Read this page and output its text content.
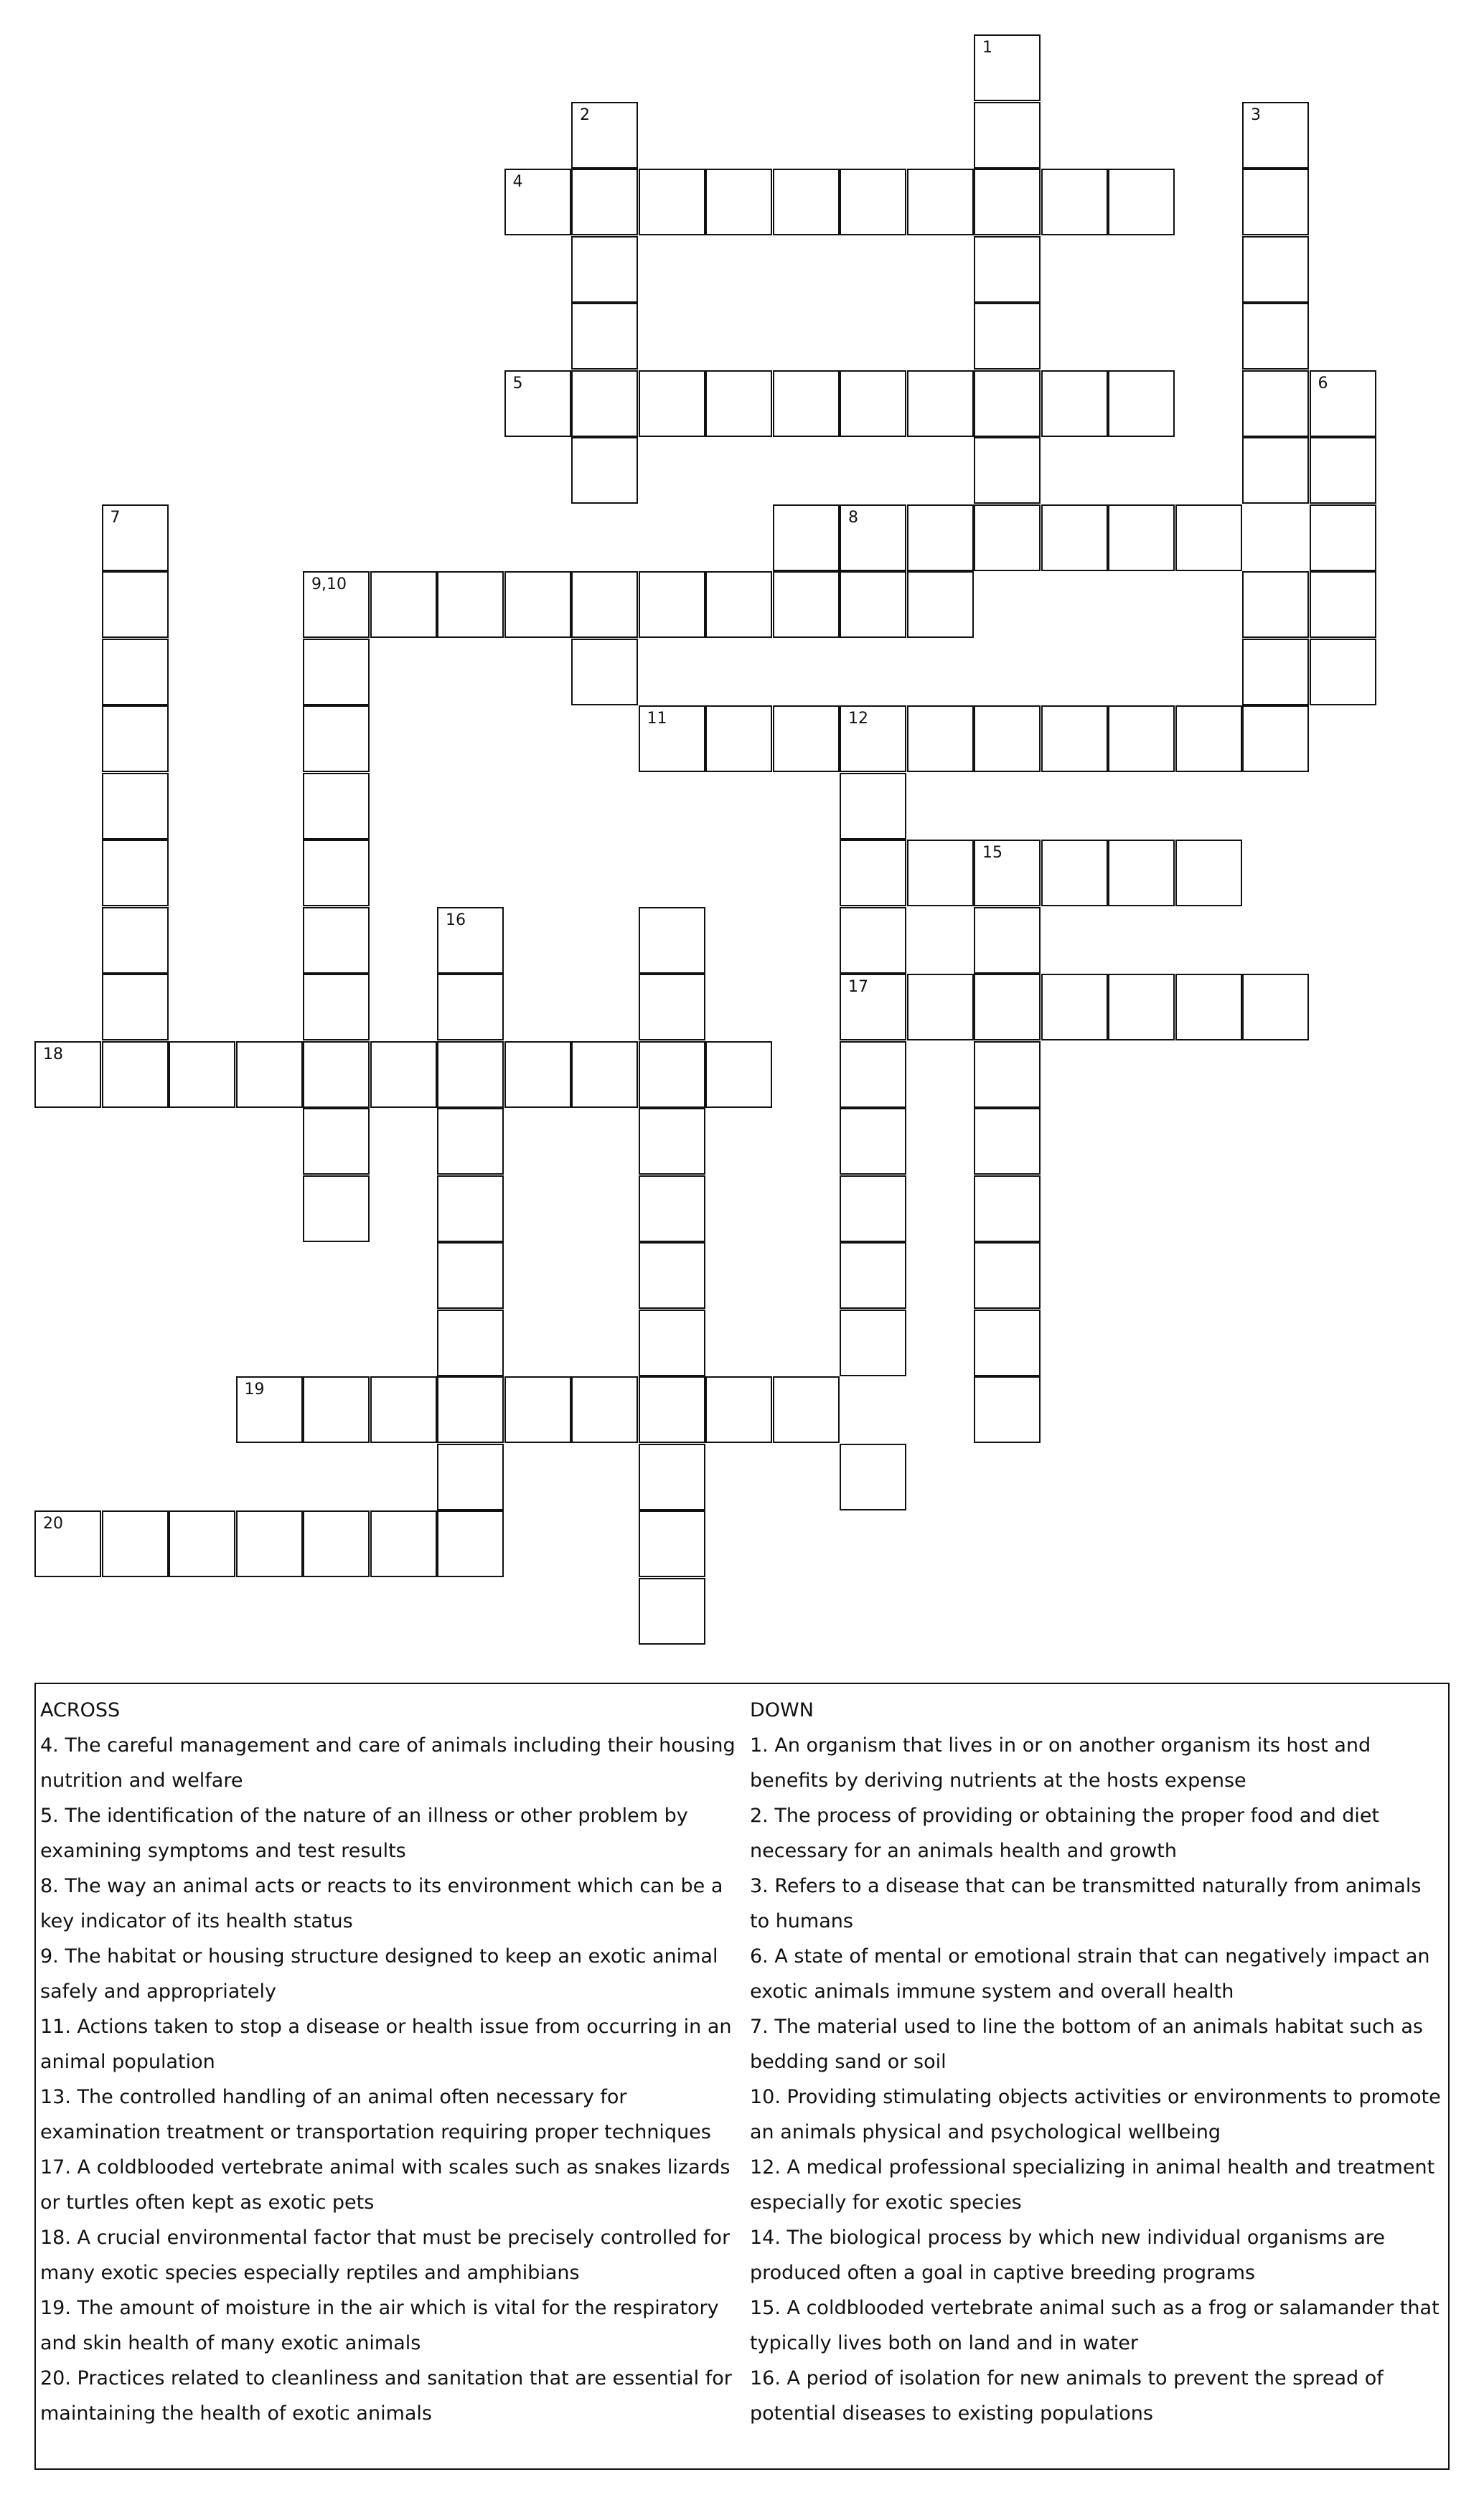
1
2	3
4
5	6
7	8
9,10
11	12
15
16
17
18
19
20
ACROSS
4. The careful management and care of animals including their housing nutrition and welfare
5. The identification of the nature of an illness or other problem by examining symptoms and test results
8. The way an animal acts or reacts to its environment which can be a key indicator of its health status
9. The habitat or housing structure designed to keep an exotic animal safely and appropriately
11. Actions taken to stop a disease or health issue from occurring in an animal population
13. The controlled handling of an animal often necessary for examination treatment or transportation requiring proper techniques
17. A coldblooded vertebrate animal with scales such as snakes lizards or turtles often kept as exotic pets
18. A crucial environmental factor that must be precisely controlled for many exotic species especially reptiles and amphibians
19. The amount of moisture in the air which is vital for the respiratory and skin health of many exotic animals
20. Practices related to cleanliness and sanitation that are essential for maintaining the health of exotic animals
DOWN
1. An organism that lives in or on another organism its host and benefits by deriving nutrients at the hosts expense
2. The process of providing or obtaining the proper food and diet necessary for an animals health and growth
3. Refers to a disease that can be transmitted naturally from animals to humans
6. A state of mental or emotional strain that can negatively impact an exotic animals immune system and overall health
7. The material used to line the bottom of an animals habitat such as bedding sand or soil
10. Providing stimulating objects activities or environments to promote an animals physical and psychological wellbeing
12. A medical professional specializing in animal health and treatment especially for exotic species
14. The biological process by which new individual organisms are produced often a goal in captive breeding programs
15. A coldblooded vertebrate animal such as a frog or salamander that typically lives both on land and in water
16. A period of isolation for new animals to prevent the spread of potential diseases to existing populations
